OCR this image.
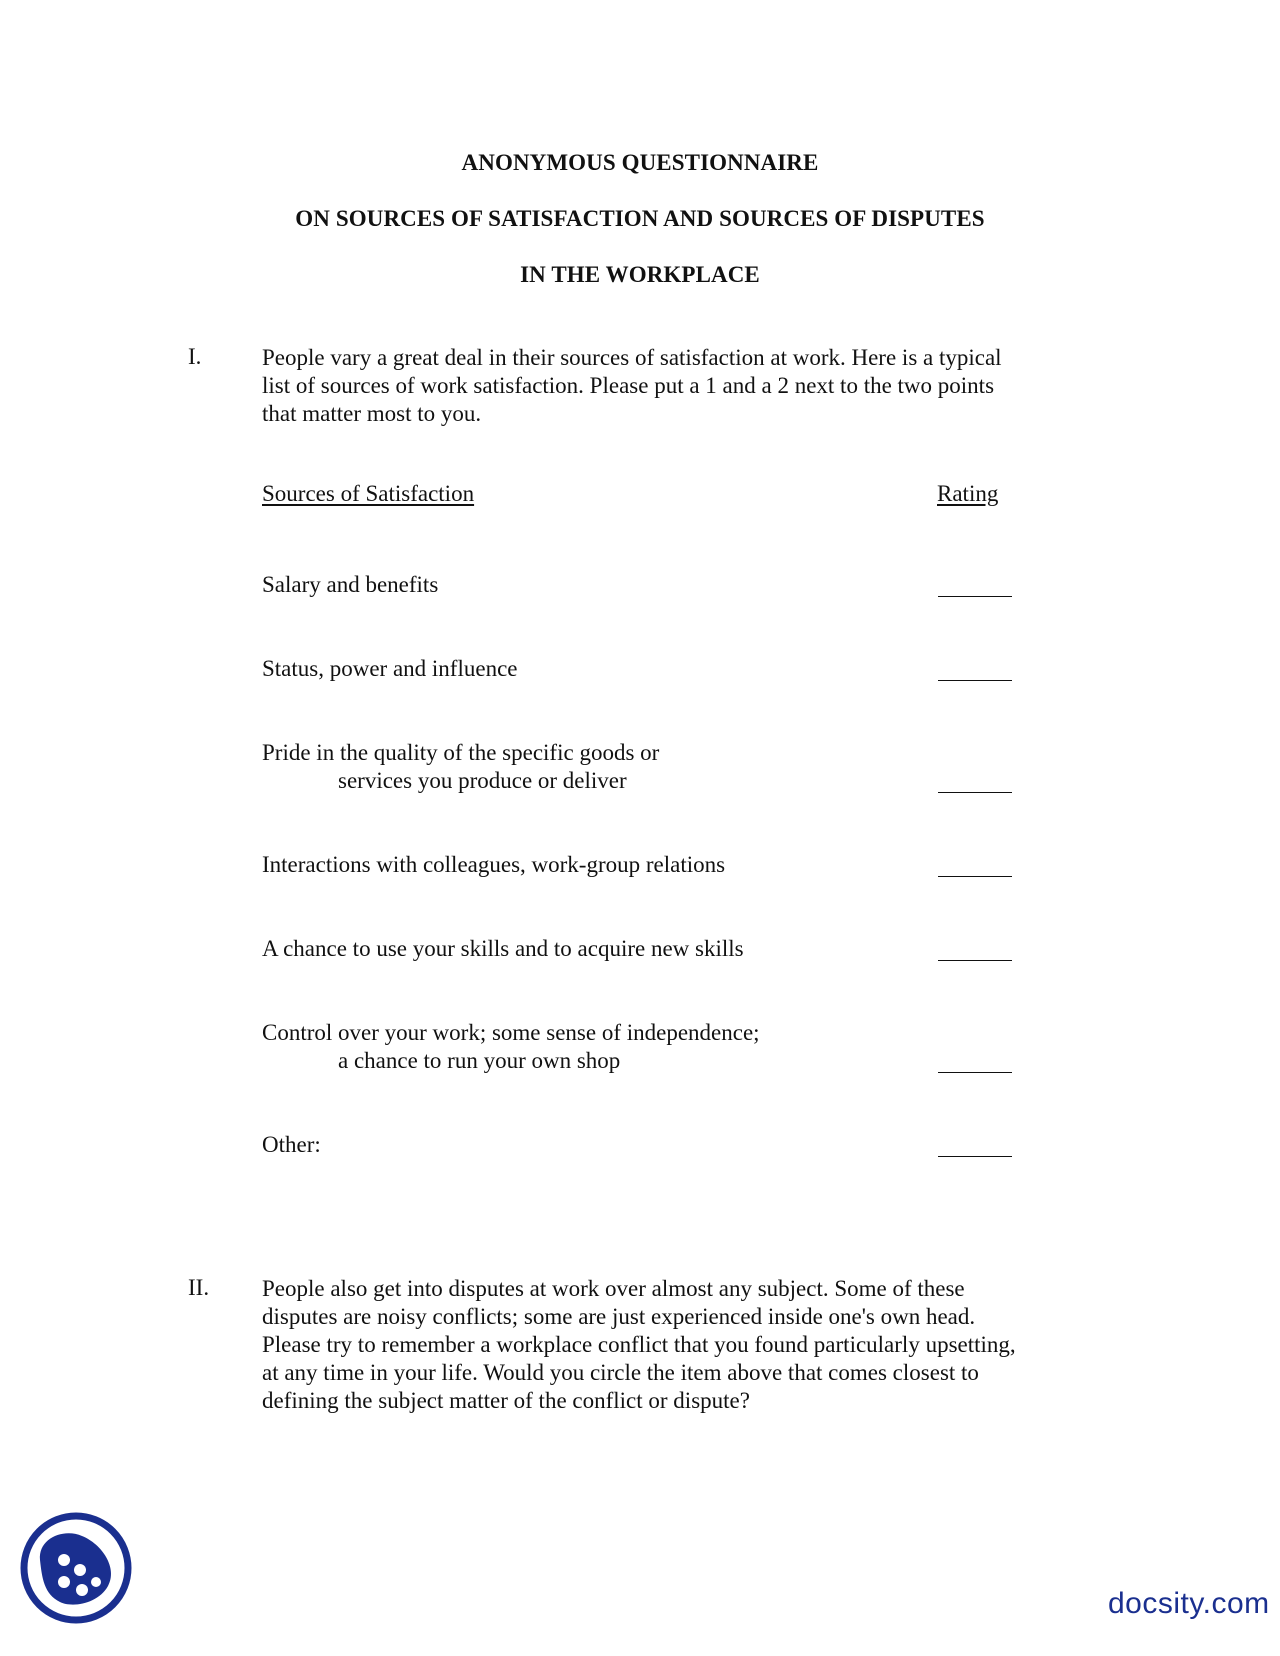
ANONYMOUS QUESTIONNAIRE
ON SOURCES OF SATISFACTION AND SOURCES OF DISPUTES
IN THE WORKPLACE
I.	People vary a great deal in their sources of satisfaction at work. Here is a typical
list of sources of work satisfaction. Please put a 1 and a 2 next to the two points
that matter most to you.
Sources of Satisfaction	Rating
Salary and benefits
Status, power and influence
Pride in the quality of the specific goods or
services you produce or deliver
Interactions with colleagues, work-group relations
A chance to use your skills and to acquire new skills
Control over your work; some sense of independence;
a chance to run your own shop
Other:
II. People also get into disputes at work over almost any subject. Some of these
disputes are noisy conflicts; some are just experienced inside one's own head.
Please try to remember a workplace conflict that you found particularly upsetting,
at any time in your life. Would you circle the item above that comes closest to
defining the subject matter of the conflict or dispute?
docsity.com
